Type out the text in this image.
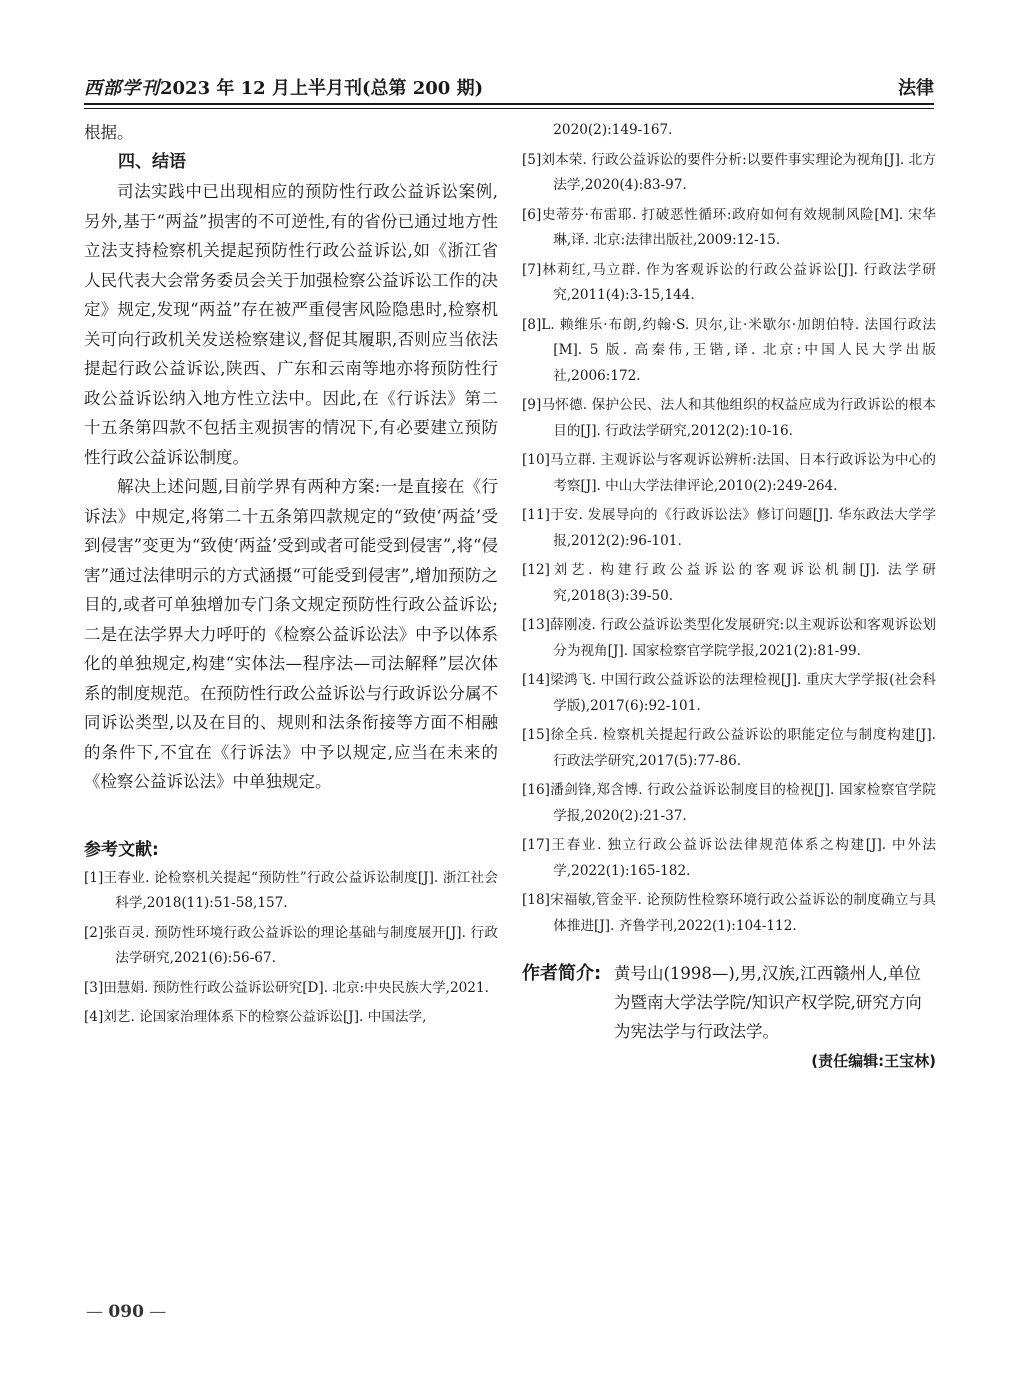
西部学刊2023 年 12 月上半月刊(总第 200 期)	法律

根据。

四、结语

司法实践中已出现相应的预防性行政公益诉讼案例,另外,基于“两益”损害的不可逆性,有的省份已通过地方性立法支持检察机关提起预防性行政公益诉讼,如《浙江省人民代表大会常务委员会关于加强检察公益诉讼工作的决定》规定,发现“两益”存在被严重侵害风险隐患时,检察机关可向行政机关发送检察建议,督促其履职,否则应当依法提起行政公益诉讼,陕西、广东和云南等地亦将预防性行政公益诉讼纳入地方性立法中。因此,在《行诉法》第二十五条第四款不包括主观损害的情况下,有必要建立预防性行政公益诉讼制度。

解决上述问题,目前学界有两种方案:一是直接在《行诉法》中规定,将第二十五条第四款规定的“致使‘两益’受到侵害”变更为“致使‘两益’受到或者可能受到侵害”,将“侵害”通过法律明示的方式涵摄“可能受到侵害”,增加预防之目的,或者可单独增加专门条文规定预防性行政公益诉讼;二是在法学界大力呼吁的《检察公益诉讼法》中予以体系化的单独规定,构建“实体法—程序法—司法解释”层次体系的制度规范。在预防性行政公益诉讼与行政诉讼分属不同诉讼类型,以及在目的、规则和法条衔接等方面不相融的条件下,不宜在《行诉法》中予以规定,应当在未来的《检察公益诉讼法》中单独规定。

参考文献:

[1]王春业. 论检察机关提起“预防性”行政公益诉讼制度[J]. 浙江社会科学,2018(11):51-58,157.

[2]张百灵. 预防性环境行政公益诉讼的理论基础与制度展开[J]. 行政法学研究,2021(6):56-67.

[3]田慧娟. 预防性行政公益诉讼研究[D]. 北京:中央民族大学,2021.

[4]刘艺. 论国家治理体系下的检察公益诉讼[J]. 中国法学,

2020(2):149-167.

[5]刘本荣. 行政公益诉讼的要件分析:以要件事实理论为视角[J]. 北方法学,2020(4):83-97.

[6]史蒂芬·布雷耶. 打破恶性循环:政府如何有效规制风险[M]. 宋华琳,译. 北京:法律出版社,2009:12-15.

[7]林莉红,马立群. 作为客观诉讼的行政公益诉讼[J]. 行政法学研究,2011(4):3-15,144.

[8]L. 赖维乐·布朗,约翰·S. 贝尔,让·米歇尔·加朗伯特. 法国行政法[M]. 5 版. 高秦伟,王锴,译. 北京:中国人民大学出版社,2006:172.

[9]马怀德. 保护公民、法人和其他组织的权益应成为行政诉讼的根本目的[J]. 行政法学研究,2012(2):10-16.

[10]马立群. 主观诉讼与客观诉讼辨析:法国、日本行政诉讼为中心的考察[J]. 中山大学法律评论,2010(2):249-264.

[11]于安. 发展导向的《行政诉讼法》修订问题[J]. 华东政法大学学报,2012(2):96-101.

[12]刘艺. 构建行政公益诉讼的客观诉讼机制[J]. 法学研究,2018(3):39-50.

[13]薛刚凌. 行政公益诉讼类型化发展研究:以主观诉讼和客观诉讼划分为视角[J]. 国家检察官学院学报,2021(2):81-99.

[14]梁鸿飞. 中国行政公益诉讼的法理检视[J]. 重庆大学学报(社会科学版),2017(6):92-101.

[15]徐全兵. 检察机关提起行政公益诉讼的职能定位与制度构建[J]. 行政法学研究,2017(5):77-86.

[16]潘剑锋,郑含博. 行政公益诉讼制度目的检视[J]. 国家检察官学院学报,2020(2):21-37.

[17]王春业. 独立行政公益诉讼法律规范体系之构建[J]. 中外法学,2022(1):165-182.

[18]宋福敏,管金平. 论预防性检察环境行政公益诉讼的制度确立与具体推进[J]. 齐鲁学刊,2022(1):104-112.

作者简介: 黄号山(1998—),男,汉族,江西赣州人,单位为暨南大学法学院/知识产权学院,研究方向为宪法学与行政法学。

(责任编辑:王宝林)
— 090 —
